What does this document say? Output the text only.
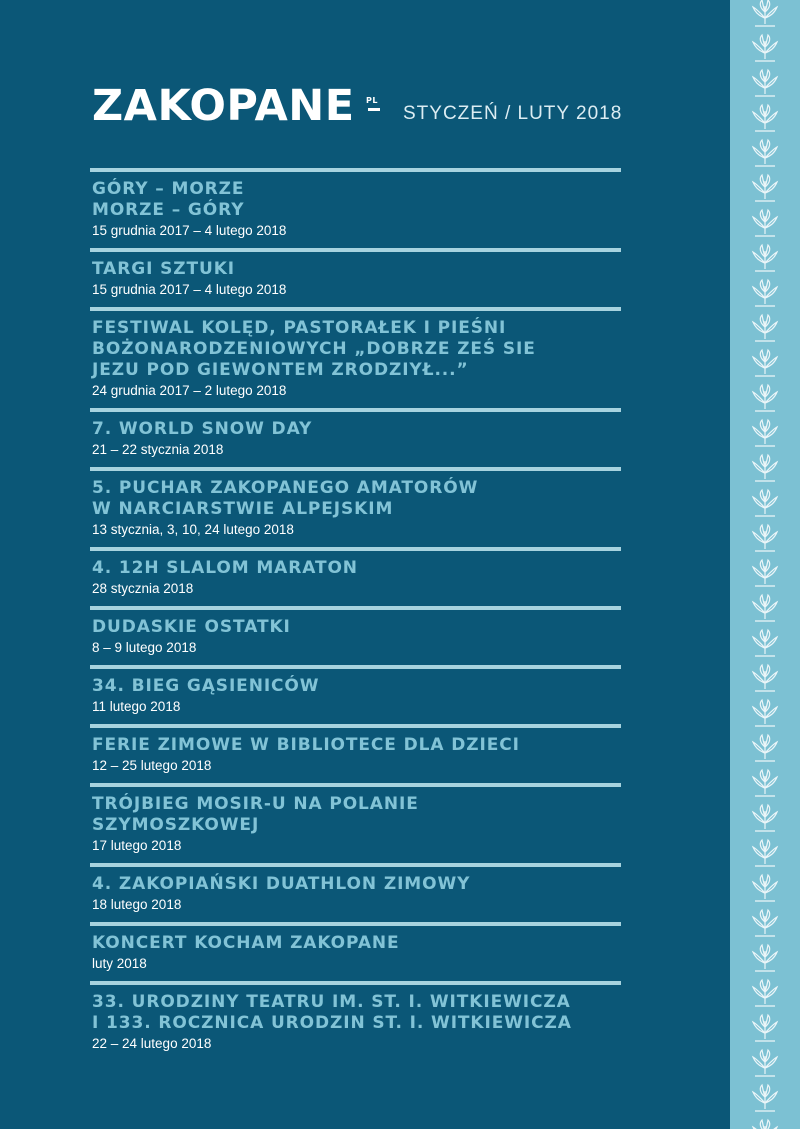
ZAKOPANE PL
STYCZEŃ / LUTY 2018
GÓRY – MORZE
MORZE – GÓRY
15 grudnia 2017 – 4 lutego 2018
TARGI SZTUKI
15 grudnia 2017 – 4 lutego 2018
FESTIWAL KOLĘD, PASTORAŁEK I PIEŚNI
BOŻONARODZENIOWYCH „DOBRZE ZEŚ SIE
JEZU POD GIEWONTEM ZRODZIYŁ...”
24 grudnia 2017 – 2 lutego 2018
7. WORLD SNOW DAY
21 – 22 stycznia 2018
5. PUCHAR ZAKOPANEGO AMATORÓW
W NARCIARSTWIE ALPEJSKIM
13 stycznia, 3, 10, 24 lutego 2018
4. 12H SLALOM MARATON
28 stycznia 2018
DUDASKIE OSTATKI
8 – 9 lutego 2018
34. BIEG GĄSIENICÓW
11 lutego 2018
FERIE ZIMOWE W BIBLIOTECE DLA DZIECI
12 – 25 lutego 2018
TRÓJBIEG MOSIR-U NA POLANIE
SZYMOSZKOWEJ
17 lutego 2018
4. ZAKOPIAŃSKI DUATHLON ZIMOWY
18 lutego 2018
KONCERT KOCHAM ZAKOPANE
luty 2018
33. URODZINY TEATRU IM. ST. I. WITKIEWICZA
I 133. ROCZNICA URODZIN ST. I. WITKIEWICZA
22 – 24 lutego 2018
